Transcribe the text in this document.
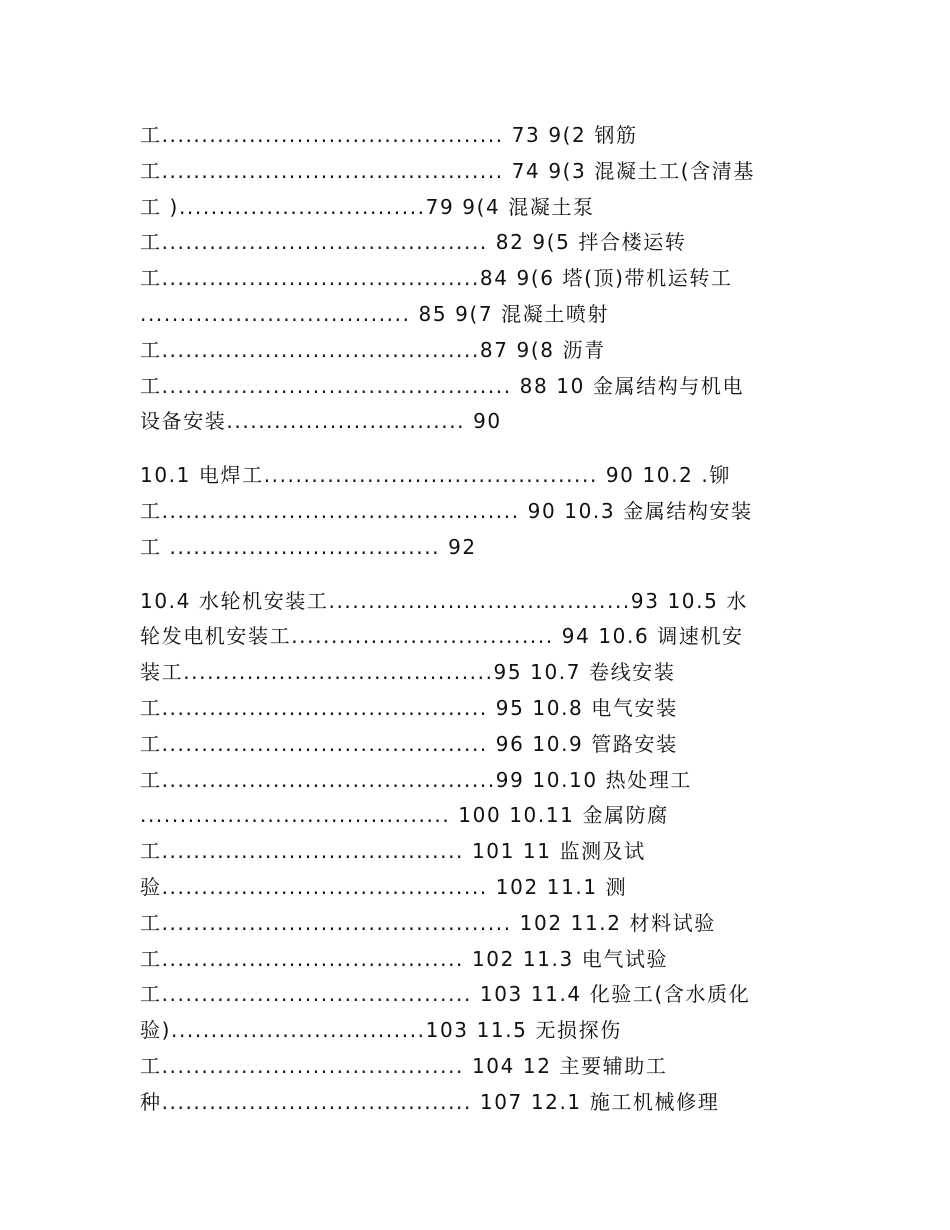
工........................................... 73 9(2 钢筋
工........................................... 74 9(3 混凝土工(含清基
工 )...............................79 9(4 混凝土泵
工......................................... 82 9(5 拌合楼运转
工........................................84 9(6 塔(顶)带机运转工
.................................. 85 9(7 混凝土喷射
工........................................87 9(8 沥青
工............................................ 88 10 金属结构与机电
设备安装.............................. 90
10.1 电焊工.......................................... 90 10.2 .铆
工............................................. 90 10.3 金属结构安装
工 .................................. 92
10.4 水轮机安装工......................................93 10.5 水
轮发电机安装工................................. 94 10.6 调速机安
装工.......................................95 10.7 卷线安装
工......................................... 95 10.8 电气安装
工......................................... 96 10.9 管路安装
工..........................................99 10.10 热处理工
....................................... 100 10.11 金属防腐
工...................................... 101 11 监测及试
验......................................... 102 11.1 测
工............................................ 102 11.2 材料试验
工...................................... 102 11.3 电气试验
工....................................... 103 11.4 化验工(含水质化
验)................................103 11.5 无损探伤
工...................................... 104 12 主要辅助工
种....................................... 107 12.1 施工机械修理
